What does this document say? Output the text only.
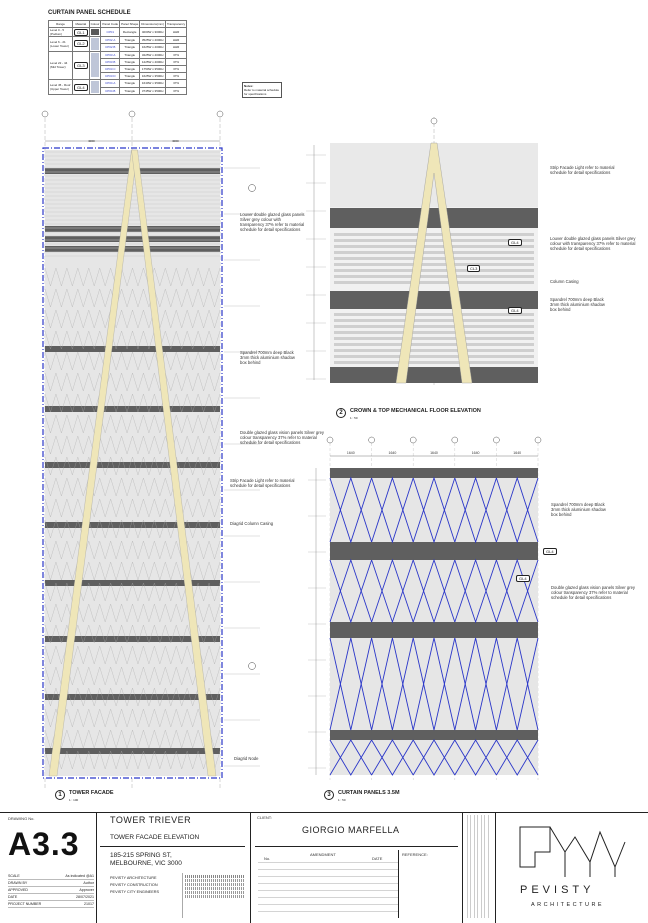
CURTAIN PANEL SCHEDULE
Range	Material	Colour	Panel Code	Panel Shape	Dimensions(mm)	Transparency
Level 0 - 5 (Podium)	GL1		CP01	Rectangle	4000W x 3000H	HHR
Level 6 - 21 (Lower Tower)	GL2		CP02.A	Triangle	3525W x 4000H	HHR
			CP02.B	Triangle	1625W x 4000H	HHR
Level 22 - 44 (Mid Tower)	GL3		CP03.A	Triangle	3225W x 4000H	37%
			CP03.B	Triangle	1225W x 4000H	37%
			CP03.C	Triangle	1750W x 3500H	37%
			CP03.D	Triangle	1625W x 3500H	37%
Level 45 - Roof (Upper Tower)	GL4		CP04.A	Triangle	1640W x 3500H	37%
			CP04.B	Triangle	3745W x 3500H	37%
Notes:
Refer to material schedule for specifications
4000	4000
Louver double glazed glass panels Silver grey colour with transparency 37% refer to material schedule for detail specifications
Spandrel 700mm deep Black 3mm thick aluminium shadow box behind
Double glazed glass vision panels Silver grey colour transparency 37% refer to material schedule for detail specifications
Strip Facade Light refer to material schedule for detail specifications
Diagrid Column Casing
Diagrid Node
1	TOWER FACADE
1 : 100
Strip Facade Light refer to material schedule for detail specifications
Louver double glazed glass panels Silver grey colour with transparency 37% refer to material schedule for detail specifications
Column Casing
Spandrel 700mm deep Black 3mm thick aluminium shadow box behind
GL4
CL3
GL4
2	CROWN & TOP MECHANICAL FLOOR ELEVATION
1 : 50
1640	1640	1640	1640	1640
Spandrel 700mm deep Black 3mm thick aluminium shadow box behind
Double glazed glass vision panels Silver grey colour transparency 37% refer to material schedule for detail specifications
GL4
GL4
3	CURTAIN PANELS 3.5M
1 : 50
DRAWING No.
A3.3
SCALE	As indicated @A1
DRAWN BY	Author
APPROVED	Approver
DATE	28/07/2021
PROJECT NUMBER	21017
TOWER TRIEVER
TOWER FACADE ELEVATION
185-215 SPRING ST,
MELBOURNE, VIC 3000
PEVISTY ARCHITECTURE
PEVISTY CONSTRUCTION
PEVISTY CITY ENGINEERS
CLIENT:
GIORGIO MARFELLA
AMENDMENT
DATE
REFERENCE:
No.
PEVISTY
ARCHITECTURE
